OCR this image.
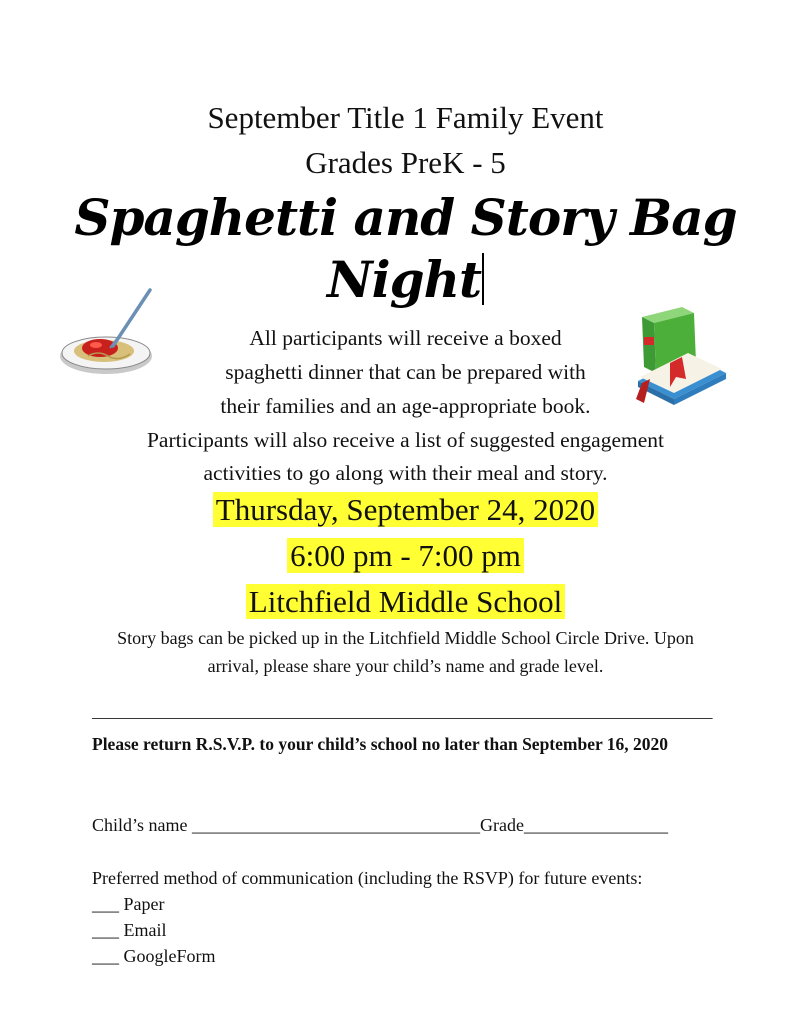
September Title 1 Family Event
Grades PreK - 5
Spaghetti and Story Bag
Night
All participants will receive a boxed
spaghetti dinner that can be prepared with
their families and an age-appropriate book.
Participants will also receive a list of suggested engagement
activities to go along with their meal and story.
Thursday, September 24, 2020
6:00 pm - 7:00 pm
Litchfield Middle School
Story bags can be picked up in the Litchfield Middle School Circle Drive. Upon
arrival, please share your child’s name and grade level.
_________________________________________________________________________
Please return R.S.V.P. to your child’s school no later than September 16, 2020
Child’s name ________________________________Grade________________
Preferred method of communication (including the RSVP) for future events:
___ Paper
___ Email
___ GoogleForm
